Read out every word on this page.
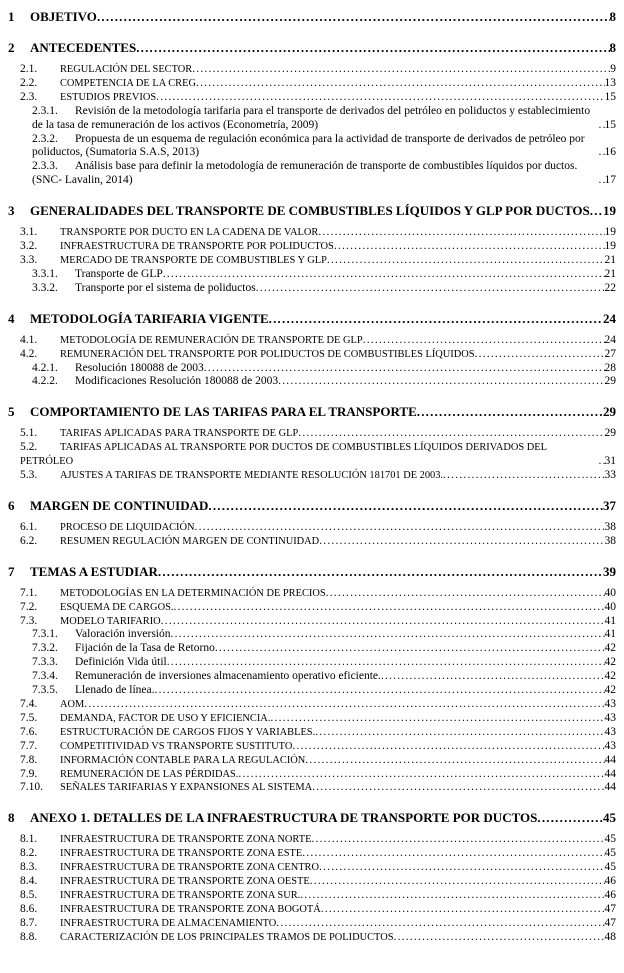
1 OBJETIVO .....	8
2 ANTECEDENTES .....	8
2.1. REGULACIÓN DEL SECTOR .....	9
2.2. COMPETENCIA DE LA CREG .....	13
2.3. ESTUDIOS PREVIOS .....	15
2.3.1. Revisión de la metodología tarifaria para el transporte de derivados del petróleo en poliductos y establecimiento de la tasa de remuneración de los activos (Econometría, 2009) .....	15
2.3.2. Propuesta de un esquema de regulación económica para la actividad de transporte de derivados de petróleo por poliductos, (Sumatoria S.A.S, 2013) .....	16
2.3.3. Análisis base para definir la metodología de remuneración de transporte de combustibles líquidos por ductos. (SNC- Lavalin, 2014) .....	17
3 GENERALIDADES DEL TRANSPORTE DE COMBUSTIBLES LÍQUIDOS Y GLP POR DUCTOS ..... 19
3.1. TRANSPORTE POR DUCTO EN LA CADENA DE VALOR .....	19
3.2. INFRAESTRUCTURA DE TRANSPORTE POR POLIDUCTOS .....	19
3.3. MERCADO DE TRANSPORTE DE COMBUSTIBLES Y GLP .....	21
3.3.1. Transporte de GLP .....	21
3.3.2. Transporte por el sistema de poliductos .....	22
4 METODOLOGÍA TARIFARIA VIGENTE .....	24
4.1. METODOLOGÍA DE REMUNERACIÓN DE TRANSPORTE DE GLP .....	24
4.2. REMUNERACIÓN DEL TRANSPORTE POR POLIDUCTOS DE COMBUSTIBLES LÍQUIDOS .....	27
4.2.1. Resolución 180088 de 2003 .....	28
4.2.2. Modificaciones Resolución 180088 de 2003 .....	29
5 COMPORTAMIENTO DE LAS TARIFAS PARA EL TRANSPORTE .....	29
5.1. TARIFAS APLICADAS PARA TRANSPORTE DE GLP .....	29
5.2. TARIFAS APLICADAS AL TRANSPORTE POR DUCTOS DE COMBUSTIBLES LÍQUIDOS DERIVADOS DEL PETRÓLEO .....	31
5.3. AJUSTES A TARIFAS DE TRANSPORTE MEDIANTE RESOLUCIÓN 181701 DE 2003. .....	33
6 MARGEN DE CONTINUIDAD .....	37
6.1. PROCESO DE LIQUIDACIÓN .....	38
6.2. RESUMEN REGULACIÓN MARGEN DE CONTINUIDAD .....	38
7 TEMAS A ESTUDIAR .....	39
7.1. METODOLOGÍAS EN LA DETERMINACIÓN DE PRECIOS .....	40
7.2. ESQUEMA DE CARGOS. .....	40
7.3. MODELO TARIFARIO .....	41
7.3.1. Valoración inversión .....	41
7.3.2. Fijación de la Tasa de Retorno .....	42
7.3.3. Definición Vida útil .....	42
7.3.4. Remuneración de inversiones almacenamiento operativo eficiente. .....	42
7.3.5. Llenado de línea. .....	42
7.4. AOM .....	43
7.5. DEMANDA, FACTOR DE USO Y EFICIENCIA. .....	43
7.6. ESTRUCTURACIÓN DE CARGOS FIJOS Y VARIABLES. .....	43
7.7. COMPETITIVIDAD VS TRANSPORTE SUSTITUTO .....	43
7.8. INFORMACIÓN CONTABLE PARA LA REGULACIÓN .....	44
7.9. REMUNERACIÓN DE LAS PÉRDIDAS. .....	44
7.10. SEÑALES TARIFARIAS Y EXPANSIONES AL SISTEMA .....	44
8 ANEXO 1. DETALLES DE LA INFRAESTRUCTURA DE TRANSPORTE POR DUCTOS .....	45
8.1. INFRAESTRUCTURA DE TRANSPORTE ZONA NORTE .....	45
8.2. INFRAESTRUCTURA DE TRANSPORTE ZONA ESTE .....	45
8.3. INFRAESTRUCTURA DE TRANSPORTE ZONA CENTRO .....	45
8.4. INFRAESTRUCTURA DE TRANSPORTE ZONA OESTE .....	46
8.5. INFRAESTRUCTURA DE TRANSPORTE ZONA SUR. .....	46
8.6. INFRAESTRUCTURA DE TRANSPORTE ZONA BOGOTÁ .....	47
8.7. INFRAESTRUCTURA DE ALMACENAMIENTO .....	47
8.8. CARACTERIZACIÓN DE LOS PRINCIPALES TRAMOS DE POLIDUCTOS .....	48
